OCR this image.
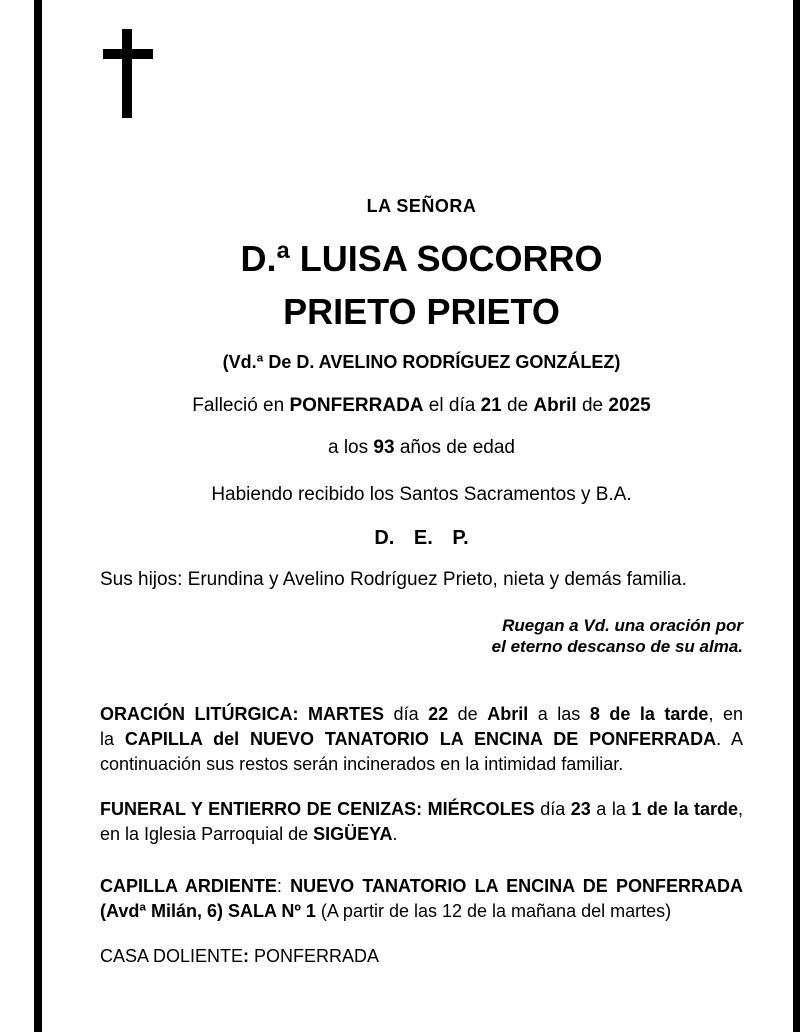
LA SEÑORA
D.ª LUISA SOCORRO
PRIETO PRIETO
(Vd.ª De D. AVELINO RODRÍGUEZ GONZÁLEZ)
Falleció en PONFERRADA el día 21 de Abril de 2025
a los 93 años de edad
Habiendo recibido los Santos Sacramentos y B.A.
D. E. P.
Sus hijos: Erundina y Avelino Rodríguez Prieto, nieta y demás familia.
Ruegan a Vd. una oración por
el eterno descanso de su alma.
ORACIÓN LITÚRGICA: MARTES día 22 de Abril a las 8 de la tarde, en
la CAPILLA del NUEVO TANATORIO LA ENCINA DE PONFERRADA. A
continuación sus restos serán incinerados en la intimidad familiar.
FUNERAL Y ENTIERRO DE CENIZAS: MIÉRCOLES día 23 a la 1 de la tarde,
en la Iglesia Parroquial de SIGÜEYA.
CAPILLA ARDIENTE: NUEVO TANATORIO LA ENCINA DE PONFERRADA
(Avdª Milán, 6) SALA Nº 1 (A partir de las 12 de la mañana del martes)
CASA DOLIENTE: PONFERRADA
